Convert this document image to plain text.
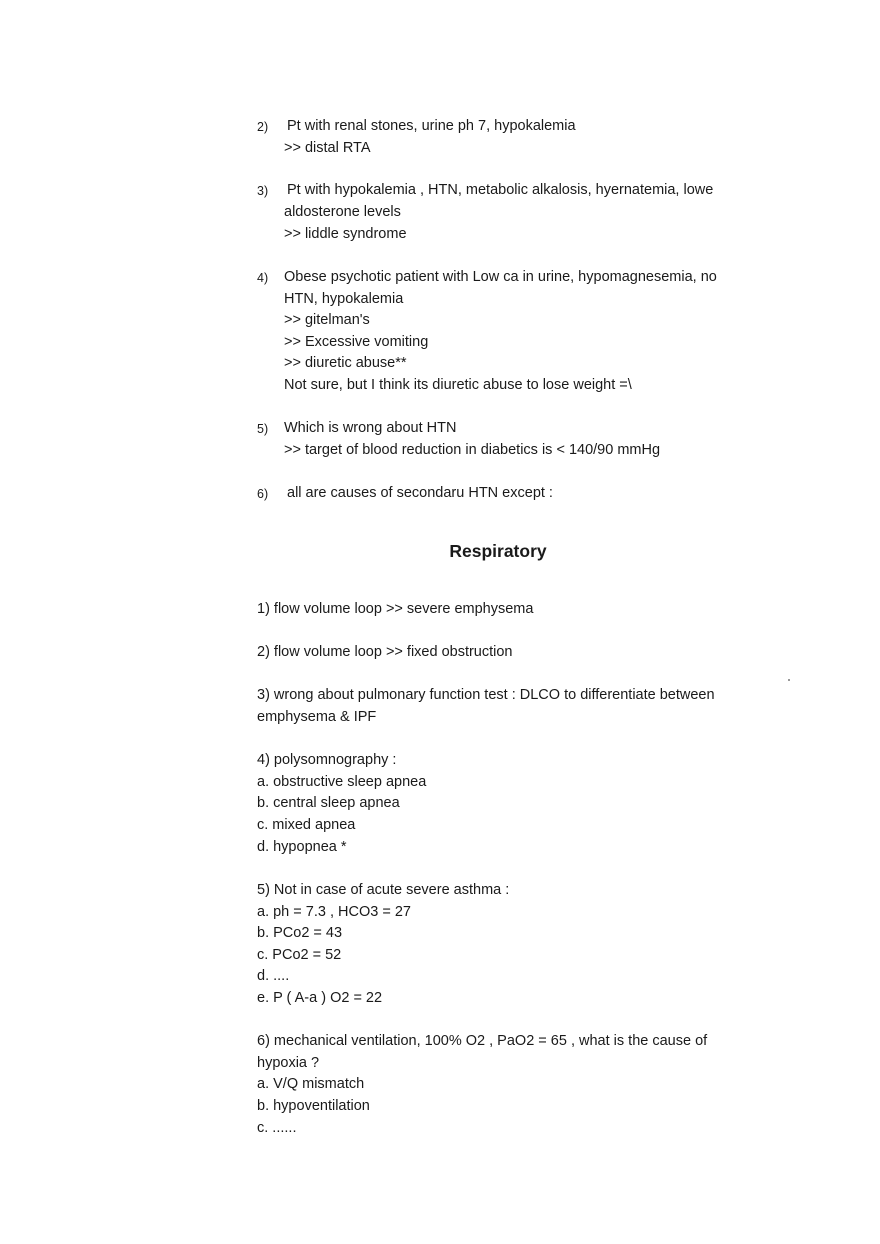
2) Pt with renal stones, urine ph 7, hypokalemia
>> distal RTA
3) Pt with hypokalemia , HTN, metabolic alkalosis, hyernatemia, lowe
aldosterone levels
>> liddle syndrome
4) Obese psychotic patient with Low ca in urine, hypomagnesemia, no
HTN, hypokalemia
>> gitelman's
>> Excessive vomiting
>> diuretic abuse**
Not sure, but I think its diuretic abuse to lose weight =\
5) Which is wrong about HTN
>> target of blood reduction in diabetics is < 140/90 mmHg
6) all are causes of secondaru HTN except :
Respiratory
1) flow volume loop >> severe emphysema
2) flow volume loop >> fixed obstruction
3) wrong about pulmonary function test : DLCO to differentiate between
emphysema & IPF
4) polysomnography :
a. obstructive sleep apnea
b. central sleep apnea
c. mixed apnea
d. hypopnea *
5) Not in case of acute severe asthma :
a. ph = 7.3 , HCO3 = 27
b. PCo2 = 43
c. PCo2 = 52
d. ....
e. P ( A-a ) O2 = 22
6) mechanical ventilation, 100% O2 , PaO2 = 65 , what is the cause of
hypoxia ?
a. V/Q mismatch
b. hypoventilation
c. ......
